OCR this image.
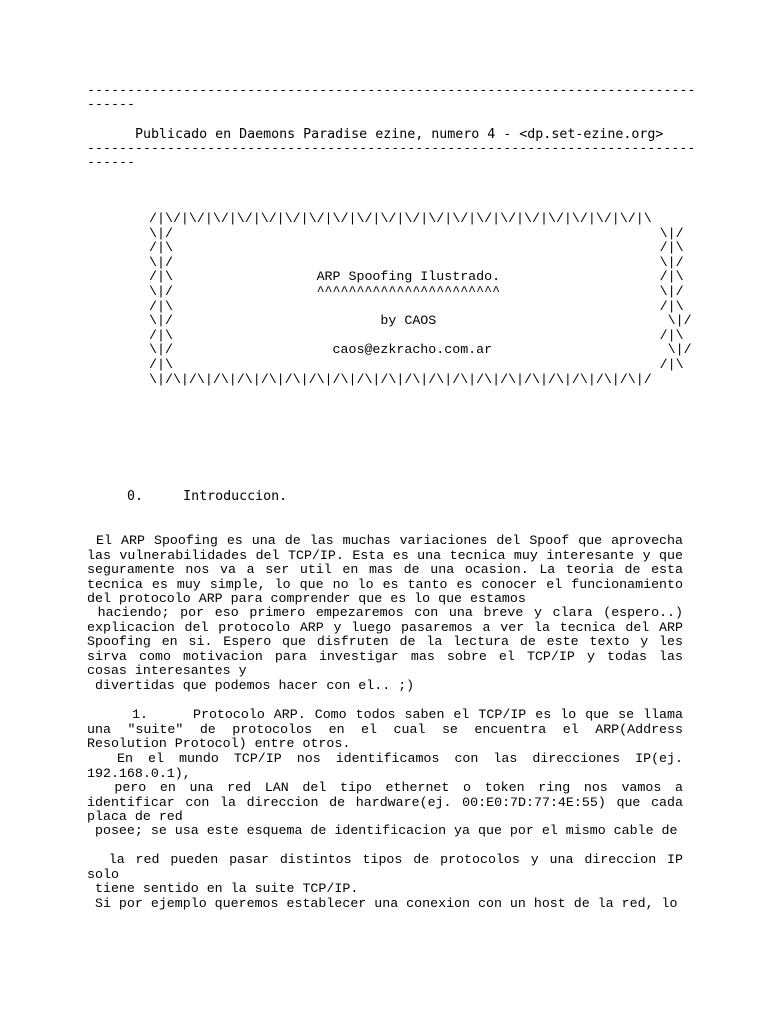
----------------------------------------------------------------------------
------
Publicado en Daemons Paradise ezine, numero 4 - <dp.set-ezine.org>
----------------------------------------------------------------------------
------
/|\/|\/|\/|\/|\/|\/|\/|\/|\/|\/|\/|\/|\/|\/|\/|\/|\/|\/|\/|\/|\
\|/                                                             \|/
/|\                                                             /|\
\|/                                                             \|/
/|\                  ARP Spoofing Ilustrado.                    /|\
\|/                  ^^^^^^^^^^^^^^^^^^^^^^^                    \|/
/|\                                                             /|\
\|/                          by CAOS                             \|/
/|\                                                             /|\
\|/                    caos@ezkracho.com.ar                      \|/
/|\                                                             /|\
\|/\|/\|/\|/\|/\|/\|/\|/\|/\|/\|/\|/\|/\|/\|/\|/\|/\|/\|/\|/\|/
0.     Introduccion.
El ARP Spoofing es una de las muchas variaciones del Spoof que aprovecha las vulnerabilidades del TCP/IP. Esta es una tecnica muy interesante y que seguramente nos va a ser util en mas de una ocasion. La teoria de esta tecnica es muy simple, lo que no lo es tanto es conocer el funcionamiento del protocolo ARP para comprender que es lo que estamos
haciendo; por eso primero empezaremos con una breve y clara (espero..) explicacion del protocolo ARP y luego pasaremos a ver la tecnica del ARP Spoofing en si. Espero que disfruten de la lectura de este texto y les sirva como motivacion para investigar mas sobre el TCP/IP y todas las cosas interesantes y
divertidas que podemos hacer con el.. ;)
1.     Protocolo ARP. Como todos saben el TCP/IP es lo que se llama una "suite" de protocolos en el cual se encuentra el ARP(Address Resolution Protocol) entre otros.
En el mundo TCP/IP nos identificamos con las direcciones IP(ej. 192.168.0.1),
pero en una red LAN del tipo ethernet o token ring nos vamos a identificar con la direccion de hardware(ej. 00:E0:7D:77:4E:55) que cada placa de red
posee; se usa este esquema de identificacion ya que por el mismo cable de
la red pueden pasar distintos tipos de protocolos y una direccion IP solo
tiene sentido en la suite TCP/IP.
Si por ejemplo queremos establecer una conexion con un host de la red, lo
